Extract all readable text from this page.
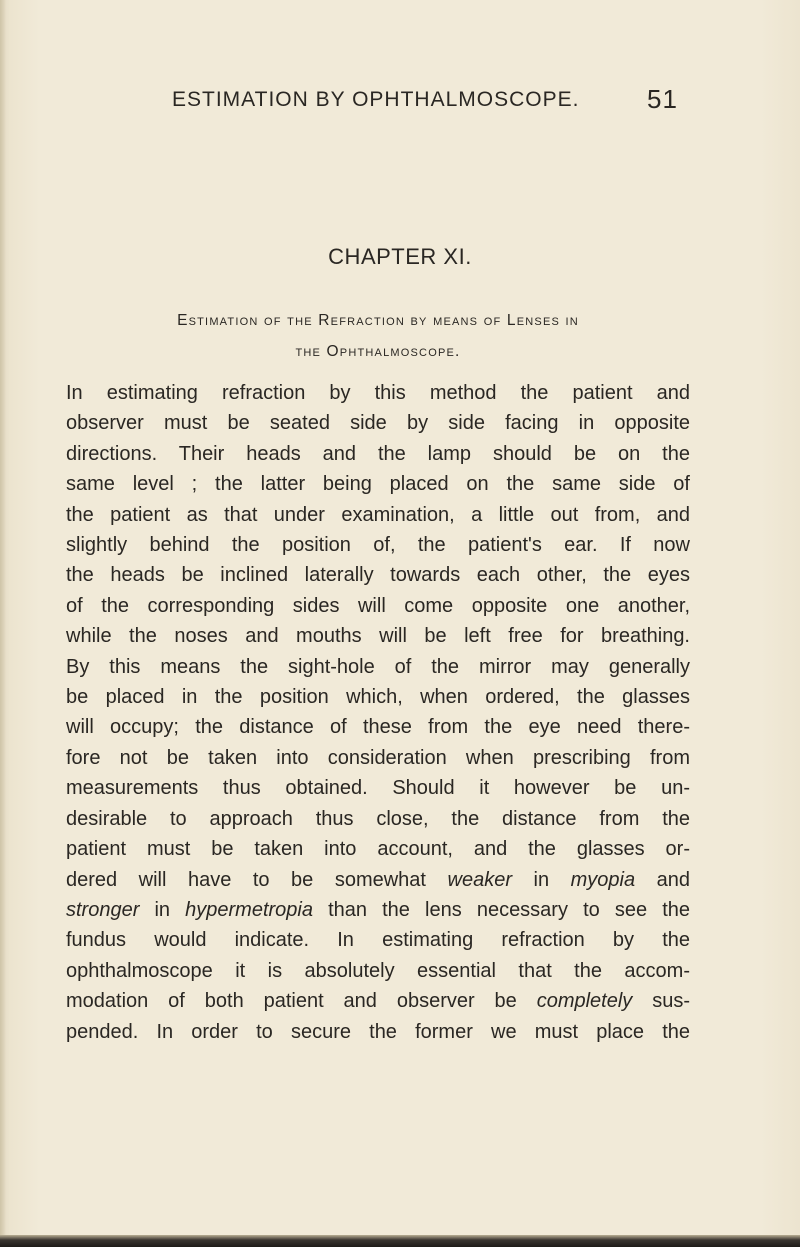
ESTIMATION BY OPHTHALMOSCOPE.	51
CHAPTER XI.
Estimation of the Refraction by means of Lenses in
the Ophthalmoscope.
In estimating refraction by this method the patient and
observer must be seated side by side facing in opposite
directions. Their heads and the lamp should be on the
same level ; the latter being placed on the same side of
the patient as that under examination, a little out from, and
slightly behind the position of, the patient's ear. If now
the heads be inclined laterally towards each other, the eyes
of the corresponding sides will come opposite one another,
while the noses and mouths will be left free for breathing.
By this means the sight-hole of the mirror may generally
be placed in the position which, when ordered, the glasses
will occupy; the distance of these from the eye need there-
fore not be taken into consideration when prescribing from
measurements thus obtained. Should it however be un-
desirable to approach thus close, the distance from the
patient must be taken into account, and the glasses or-
dered will have to be somewhat weaker in myopia and
stronger in hypermetropia than the lens necessary to see the
fundus would indicate. In estimating refraction by the
ophthalmoscope it is absolutely essential that the accom-
modation of both patient and observer be completely sus-
pended. In order to secure the former we must place the
